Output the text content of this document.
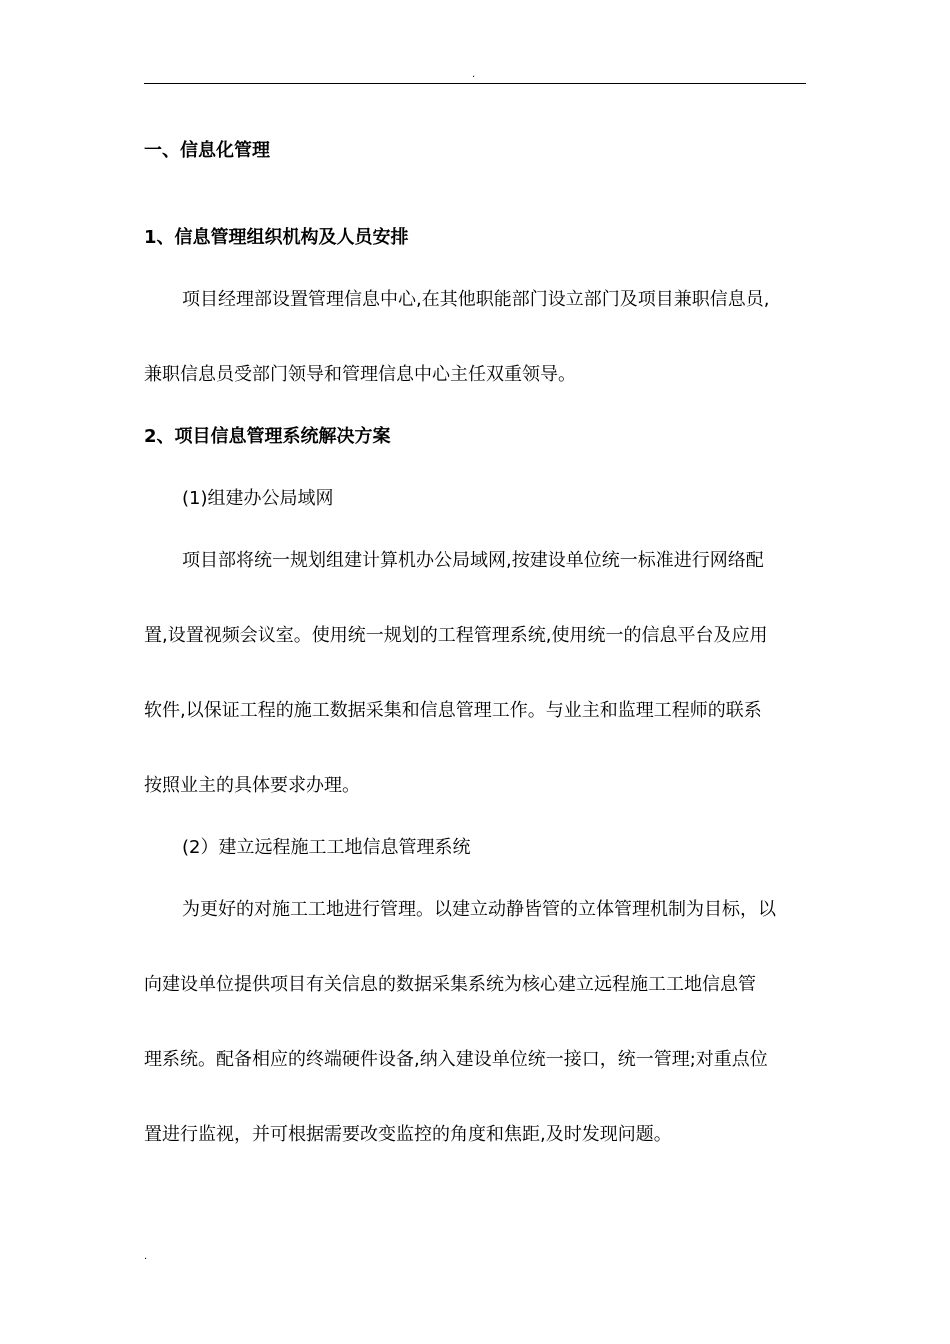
.
一、信息化管理
1、信息管理组织机构及人员安排
项目经理部设置管理信息中心,在其他职能部门设立部门及项目兼职信息员,
兼职信息员受部门领导和管理信息中心主任双重领导。
2、项目信息管理系统解决方案
(1)组建办公局域网
项目部将统一规划组建计算机办公局域网,按建设单位统一标准进行网络配
置,设置视频会议室。使用统一规划的工程管理系统,使用统一的信息平台及应用
软件,以保证工程的施工数据采集和信息管理工作。与业主和监理工程师的联系
按照业主的具体要求办理。
(2）建立远程施工工地信息管理系统
为更好的对施工工地进行管理。以建立动静皆管的立体管理机制为目标，以
向建设单位提供项目有关信息的数据采集系统为核心建立远程施工工地信息管
理系统。配备相应的终端硬件设备,纳入建设单位统一接口，统一管理;对重点位
置进行监视，并可根据需要改变监控的角度和焦距,及时发现问题。
.
